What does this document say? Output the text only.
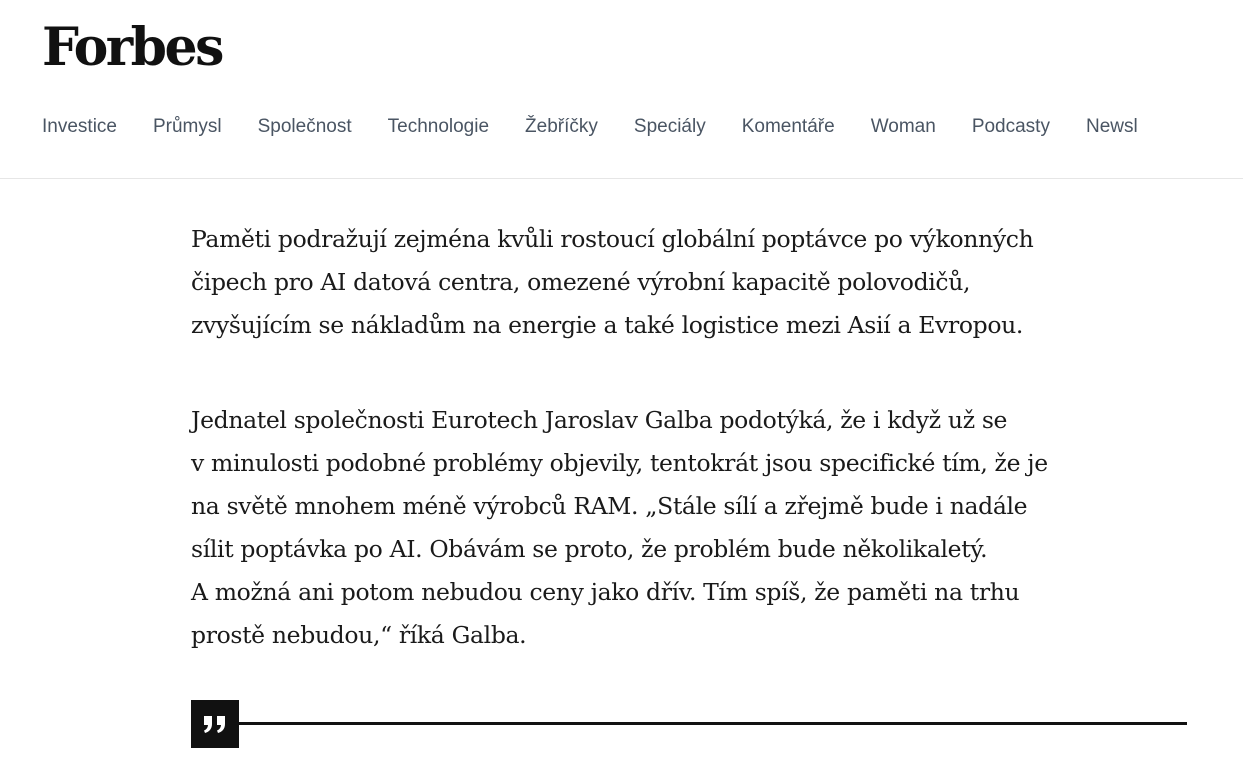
Forbes
Investice Průmysl Společnost Technologie Žebříčky Speciály Komentáře Woman Podcasty Newsl

Paměti podražují zejména kvůli rostoucí globální poptávce po výkonných
čipech pro AI datová centra, omezené výrobní kapacitě polovodičů,
zvyšujícím se nákladům na energie a také logistice mezi Asií a Evropou.

Jednatel společnosti Eurotech Jaroslav Galba podotýká, že i když už se
v minulosti podobné problémy objevily, tentokrát jsou specifické tím, že je
na světě mnohem méně výrobců RAM. „Stále sílí a zřejmě bude i nadále
sílit poptávka po AI. Obávám se proto, že problém bude několikaletý.
A možná ani potom nebudou ceny jako dřív. Tím spíš, že paměti na trhu
prostě nebudou,“ říká Galba.
